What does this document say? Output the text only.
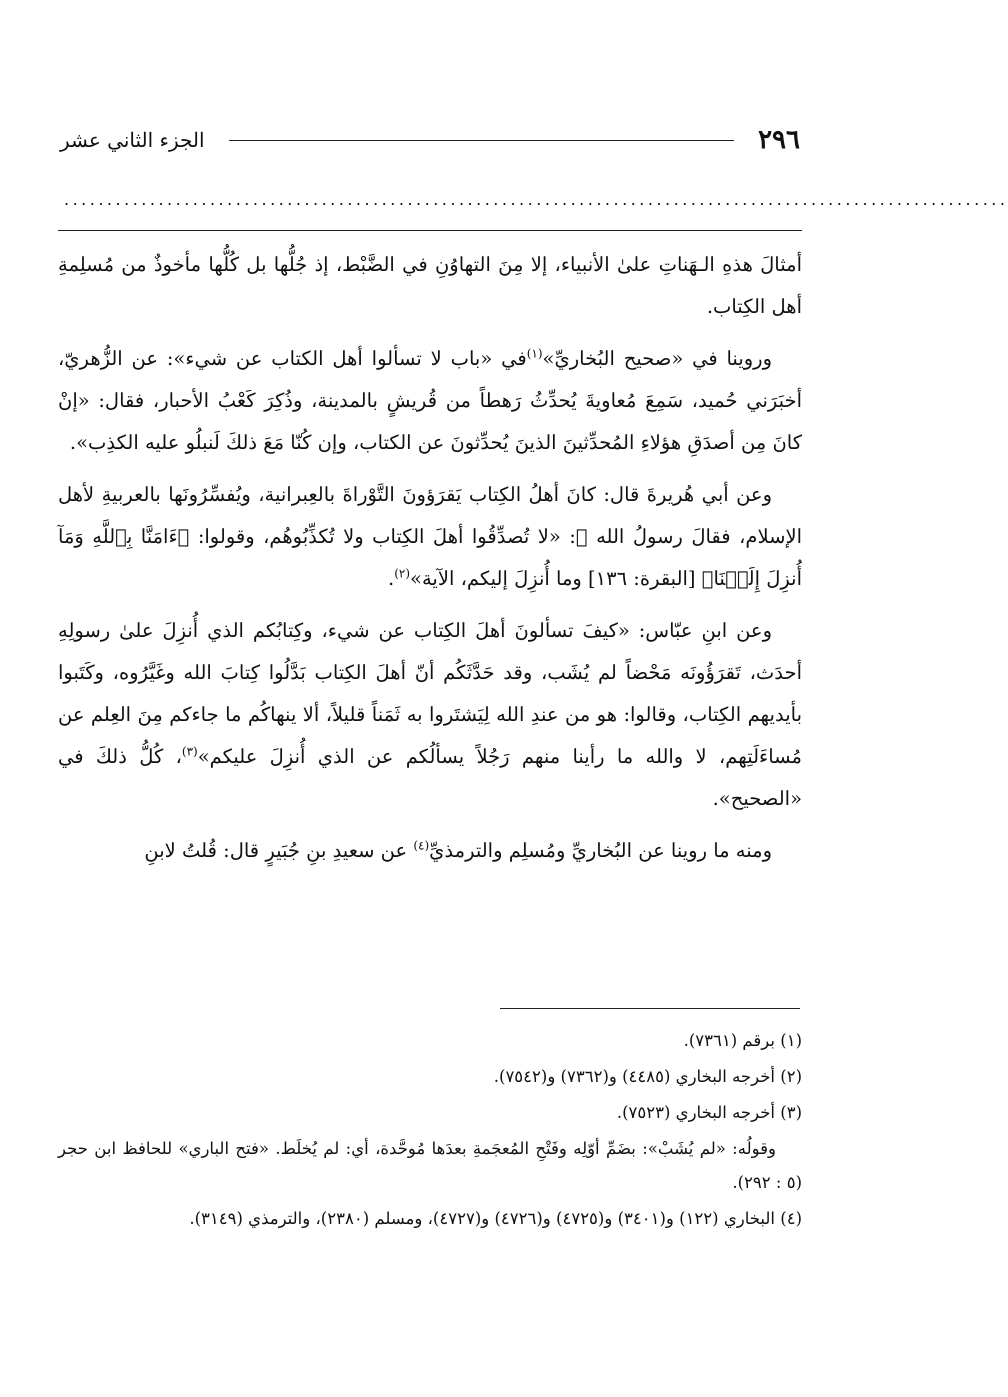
٢٩٦
الجزء الثاني عشر
..............................................................................................................

أمثالَ هذهِ الـهَناتِ علىٰ الأنبياء، إلا مِنَ التهاوُنِ في الضَّبْط، إذ جُلُّها بل كُلُّها مأخوذٌ من مُسلِمةِ أهل الكِتاب.

وروينا في «صحيح البُخاريِّ»$^{(١)}$في «باب لا تسألوا أهل الكتاب عن شيء»: عن الزُّهريّ، أخبَرَني حُميد، سَمِعَ مُعاويةَ يُحدِّثُ رَهطاً من قُريشٍ بالمدينة، وذُكِرَ كَعْبُ الأحبار، فقال: «إنْ كانَ مِن أصدَقِ هؤلاءِ المُحدِّثينَ الذينَ يُحدِّثونَ عن الكتاب، وإن كُنّا مَعَ ذلكَ لَنبلُو عليه الكذِب».

وعن أبي هُريرةَ قال: كانَ أهلُ الكِتاب يَقرَؤونَ التَّوْراةَ بالعِبرانية، ويُفسِّرُونَها بالعربيةِ لأهل الإسلام، فقالَ رسولُ الله ﷺ: «لا تُصدِّقُوا أهلَ الكِتاب ولا تُكذِّبُوهُم، وقولوا: ﴿ءَامَنَّا بِٱللَّهِ وَمَآ أُنزِلَ إِلَيۡنَا﴾ [البقرة: ١٣٦] وما أُنزِلَ إليكم، الآية»$^{(٢)}$.

وعن ابنِ عبّاس: «كيفَ تسألونَ أهلَ الكِتاب عن شيء، وكِتابُكم الذي أُنزِلَ علىٰ رسولِهِ أحدَث، تَقرَؤُونَه مَحْضاً لم يُشَب، وقد حَدَّثَكُم أنّ أهلَ الكِتاب بَدَّلُوا كِتابَ الله وغَيَّرُوه، وكَتَبوا بأيديهم الكِتاب، وقالوا: هو من عندِ الله لِيَشتَروا به ثَمَناً قليلاً، ألا ينهاكُم ما جاءكم مِنَ العِلم عن مُساءَلَتِهم، لا والله ما رأينا منهم رَجُلاً يسألُكم عن الذي أُنزِلَ عليكم»$^{(٣)}$، كُلُّ ذلكَ في «الصحيح».

ومنه ما روينا عن البُخاريِّ ومُسلِم والترمذيِّ$^{(٤)}$ عن سعيدِ بنِ جُبَيرٍ قال: قُلتُ لابنِ

(١) برقم (٧٣٦١).

(٢) أخرجه البخاري (٤٤٨٥) و(٧٣٦٢) و(٧٥٤٢).

(٣) أخرجه البخاري (٧٥٢٣).

وقولُه: «لم يُشَبْ»: بضَمِّ أوّلِه وفَتْحِ المُعجَمةِ بعدَها مُوحَّدة، أي: لم يُخلَط. «فتح الباري» للحافظ ابن حجر (٥ : ٢٩٢).

(٤) البخاري (١٢٢) و(٣٤٠١) و(٤٧٢٥) و(٤٧٢٦) و(٤٧٢٧)، ومسلم (٢٣٨٠)، والترمذي (٣١٤٩).
